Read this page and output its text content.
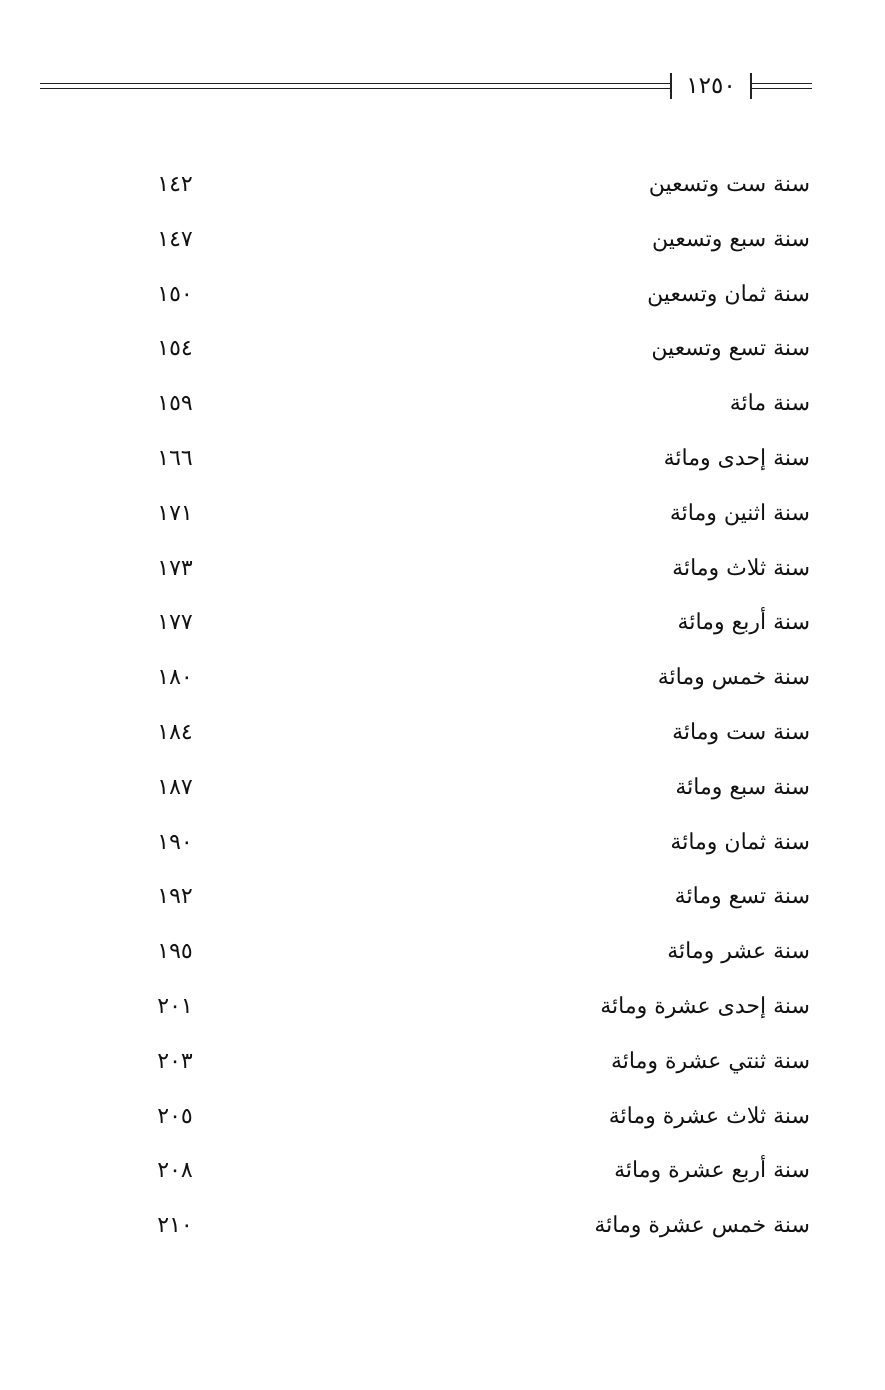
١٢٥٠
سنة ست وتسعين
١٤٢
سنة سبع وتسعين
١٤٧
سنة ثمان وتسعين
١٥٠
سنة تسع وتسعين
١٥٤
سنة مائة
١٥٩
سنة إحدى ومائة
١٦٦
سنة اثنين ومائة
١٧١
سنة ثلاث ومائة
١٧٣
سنة أربع ومائة
١٧٧
سنة خمس ومائة
١٨٠
سنة ست ومائة
١٨٤
سنة سبع ومائة
١٨٧
سنة ثمان ومائة
١٩٠
سنة تسع ومائة
١٩٢
سنة عشر ومائة
١٩٥
سنة إحدى عشرة ومائة
٢٠١
سنة ثنتي عشرة ومائة
٢٠٣
سنة ثلاث عشرة ومائة
٢٠٥
سنة أربع عشرة ومائة
٢٠٨
سنة خمس عشرة ومائة
٢١٠
